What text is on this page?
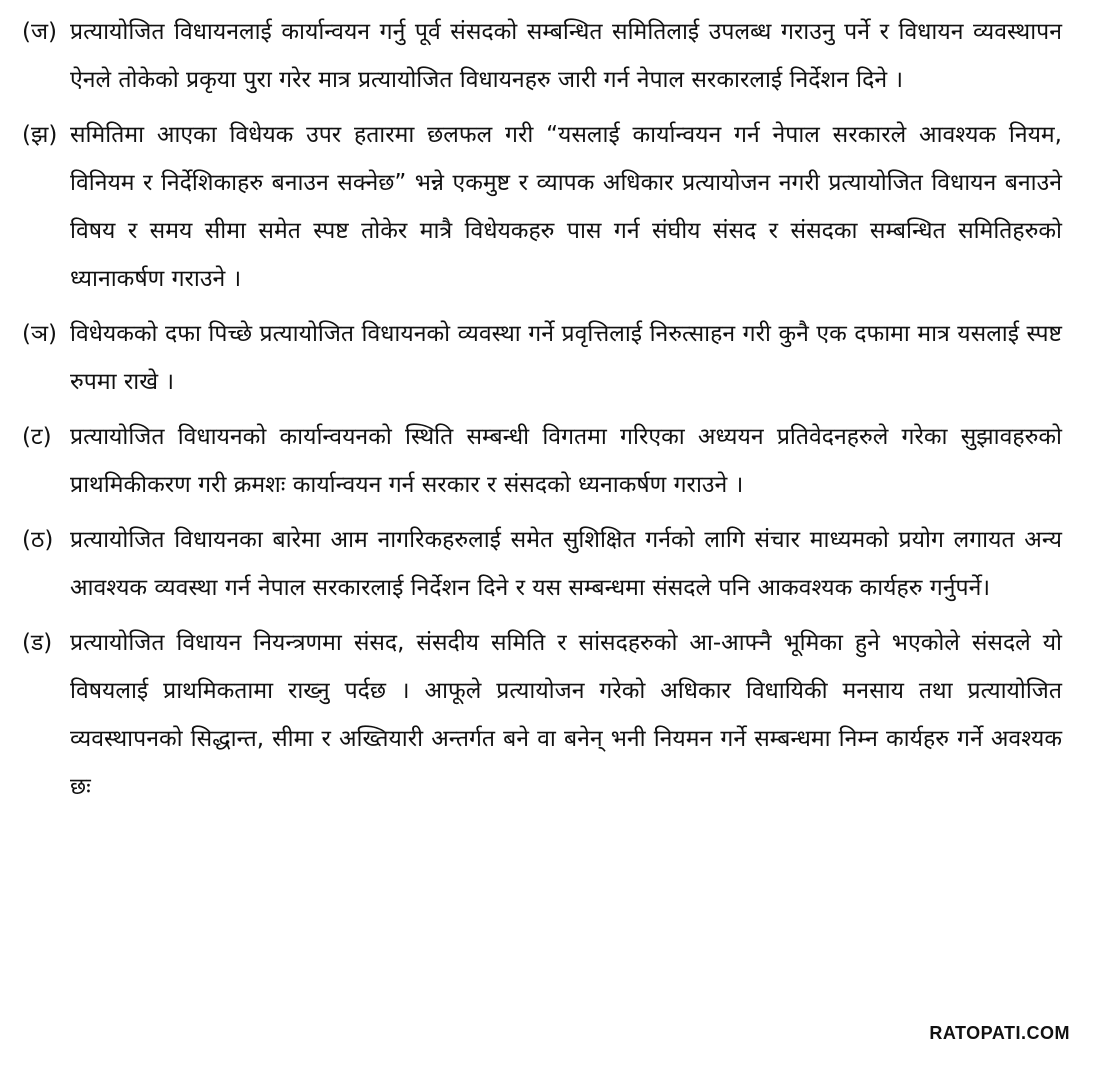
(ज) प्रत्यायोजित विधायनलाई कार्यान्वयन गर्नु पूर्व संसदको सम्बन्धित समितिलाई उपलब्ध गराउनु पर्ने र विधायन व्यवस्थापन ऐनले तोकेको प्रकृया पुरा गरेर मात्र प्रत्यायोजित विधायनहरु जारी गर्न नेपाल सरकारलाई निर्देशन दिने ।

(झ) समितिमा आएका विधेयक उपर हतारमा छलफल गरी “यसलाई कार्यान्वयन गर्न नेपाल सरकारले आवश्यक नियम, विनियम र निर्देशिकाहरु बनाउन सक्नेछ” भन्ने एकमुष्ट र व्यापक अधिकार प्रत्यायोजन नगरी प्रत्यायोजित विधायन बनाउने विषय र समय सीमा समेत स्पष्ट तोकेर मात्रै विधेयकहरु पास गर्न संघीय संसद र संसदका सम्बन्धित समितिहरुको ध्यानाकर्षण गराउने ।

(ञ) विधेयकको दफा पिच्छे प्रत्यायोजित विधायनको व्यवस्था गर्ने प्रवृत्तिलाई निरुत्साहन गरी कुनै एक दफामा मात्र यसलाई स्पष्ट रुपमा राखे ।

(ट) प्रत्यायोजित विधायनको कार्यान्वयनको स्थिति सम्बन्धी विगतमा गरिएका अध्ययन प्रतिवेदनहरुले गरेका सुझावहरुको प्राथमिकीकरण गरी क्रमशः कार्यान्वयन गर्न सरकार र संसदको ध्यनाकर्षण गराउने ।

(ठ) प्रत्यायोजित विधायनका बारेमा आम नागरिकहरुलाई समेत सुशिक्षित गर्नको लागि संचार माध्यमको प्रयोग लगायत अन्य आवश्यक व्यवस्था गर्न नेपाल सरकारलाई निर्देशन दिने र यस सम्बन्धमा संसदले पनि आकवश्यक कार्यहरु गर्नुपर्ने।

(ड) प्रत्यायोजित विधायन नियन्त्रणमा संसद, संसदीय समिति र सांसदहरुको आ-आफ्नै भूमिका हुने भएकोले संसदले यो विषयलाई प्राथमिकतामा राख्नु पर्दछ । आफूले प्रत्यायोजन गरेको अधिकार विधायिकी मनसाय तथा प्रत्यायोजित व्यवस्थापनको सिद्धान्त, सीमा र अख्तियारी अन्तर्गत बने वा बनेन् भनी नियमन गर्ने सम्बन्धमा निम्न कार्यहरु गर्ने अवश्यक छः

RATOPATI.COM
